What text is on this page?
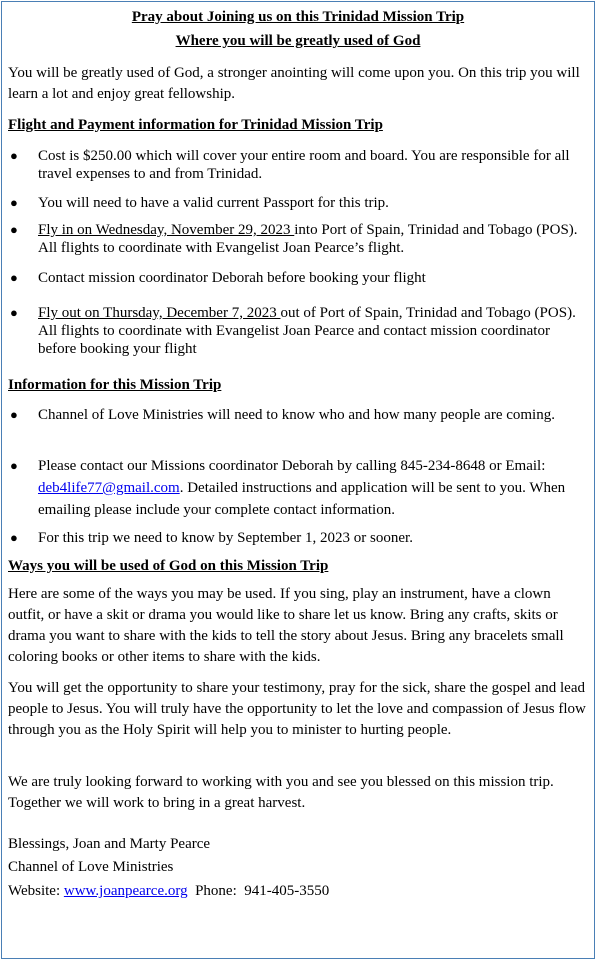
Pray about Joining us on this Trinidad Mission Trip
Where you will be greatly used of God

You will be greatly used of God, a stronger anointing will come upon you. On this trip you will learn a lot and enjoy great fellowship.

Flight and Payment information for Trinidad Mission Trip

● Cost is $250.00 which will cover your entire room and board. You are responsible for all travel expenses to and from Trinidad.
● You will need to have a valid current Passport for this trip.
● Fly in on Wednesday, November 29, 2023 into Port of Spain, Trinidad and Tobago (POS). All flights to coordinate with Evangelist Joan Pearce’s flight.
● Contact mission coordinator Deborah before booking your flight
● Fly out on Thursday, December 7, 2023 out of Port of Spain, Trinidad and Tobago (POS). All flights to coordinate with Evangelist Joan Pearce and contact mission coordinator before booking your flight

Information for this Mission Trip

● Channel of Love Ministries will need to know who and how many people are coming.
● Please contact our Missions coordinator Deborah by calling 845-234-8648 or Email: deb4life77@gmail.com. Detailed instructions and application will be sent to you. When emailing please include your complete contact information.
● For this trip we need to know by September 1, 2023 or sooner.

Ways you will be used of God on this Mission Trip

Here are some of the ways you may be used. If you sing, play an instrument, have a clown outfit, or have a skit or drama you would like to share let us know. Bring any crafts, skits or drama you want to share with the kids to tell the story about Jesus. Bring any bracelets small coloring books or other items to share with the kids.

You will get the opportunity to share your testimony, pray for the sick, share the gospel and lead people to Jesus. You will truly have the opportunity to let the love and compassion of Jesus flow through you as the Holy Spirit will help you to minister to hurting people.

We are truly looking forward to working with you and see you blessed on this mission trip. Together we will work to bring in a great harvest.

Blessings, Joan and Marty Pearce

Channel of Love Ministries

Website: www.joanpearce.org  Phone:  941-405-3550
